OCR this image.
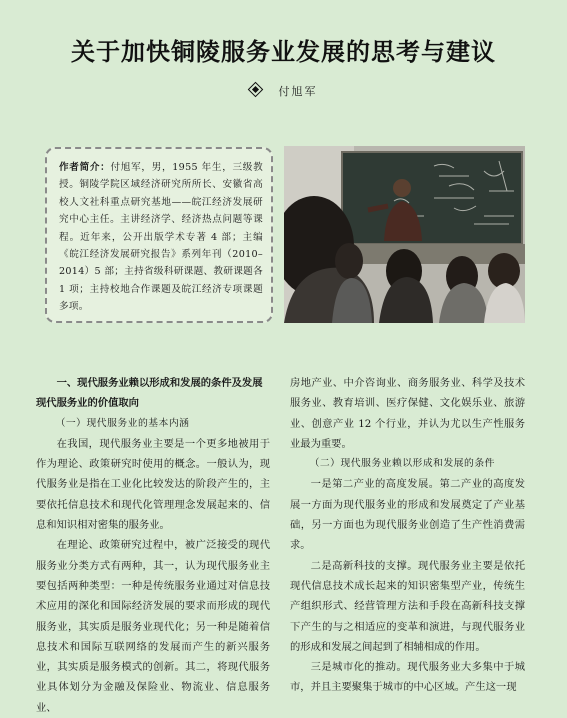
关于加快铜陵服务业发展的思考与建议
付旭军
作者简介：付旭军，男，1955 年生，三级教授。铜陵学院区域经济研究所所长、安徽省高校人文社科重点研究基地——皖江经济发展研究中心主任。主讲经济学、经济热点问题等课程。近年来，公开出版学术专著 4 部；主编《皖江经济发展研究报告》系列年刊（2010–2014）5 部；主持省级科研课题、教研课题各 1 项；主持校地合作课题及皖江经济专项课题多项。

一、现代服务业赖以形成和发展的条件及发展

现代服务业的价值取向

（一）现代服务业的基本内涵

在我国，现代服务业主要是一个更多地被用于作为理论、政策研究时使用的概念。一般认为，现代服务业是指在工业化比较发达的阶段产生的，主要依托信息技术和现代化管理理念发展起来的、信息和知识相对密集的服务业。

在理论、政策研究过程中，被广泛接受的现代服务业分类方式有两种，其一，认为现代服务业主要包括两种类型：一种是传统服务业通过对信息技术应用的深化和国际经济发展的要求而形成的现代服务业，其实质是服务业现代化；另一种是随着信息技术和国际互联网络的发展而产生的新兴服务业，其实质是服务模式的创新。其二，将现代服务业具体划分为金融及保险业、物流业、信息服务业、

房地产业、中介咨询业、商务服务业、科学及技术服务业、教育培训、医疗保健、文化娱乐业、旅游业、创意产业 12 个行业，并认为尤以生产性服务业最为重要。

（二）现代服务业赖以形成和发展的条件

一是第二产业的高度发展。第二产业的高度发展一方面为现代服务业的形成和发展奠定了产业基础，另一方面也为现代服务业创造了生产性消费需求。

二是高新科技的支撑。现代服务业主要是依托现代信息技术成长起来的知识密集型产业，传统生产组织形式、经营管理方法和手段在高新科技支撑下产生的与之相适应的变革和演进，与现代服务业的形成和发展之间起到了相辅相成的作用。

三是城市化的推动。现代服务业大多集中于城市，并且主要聚集于城市的中心区域。产生这一现
